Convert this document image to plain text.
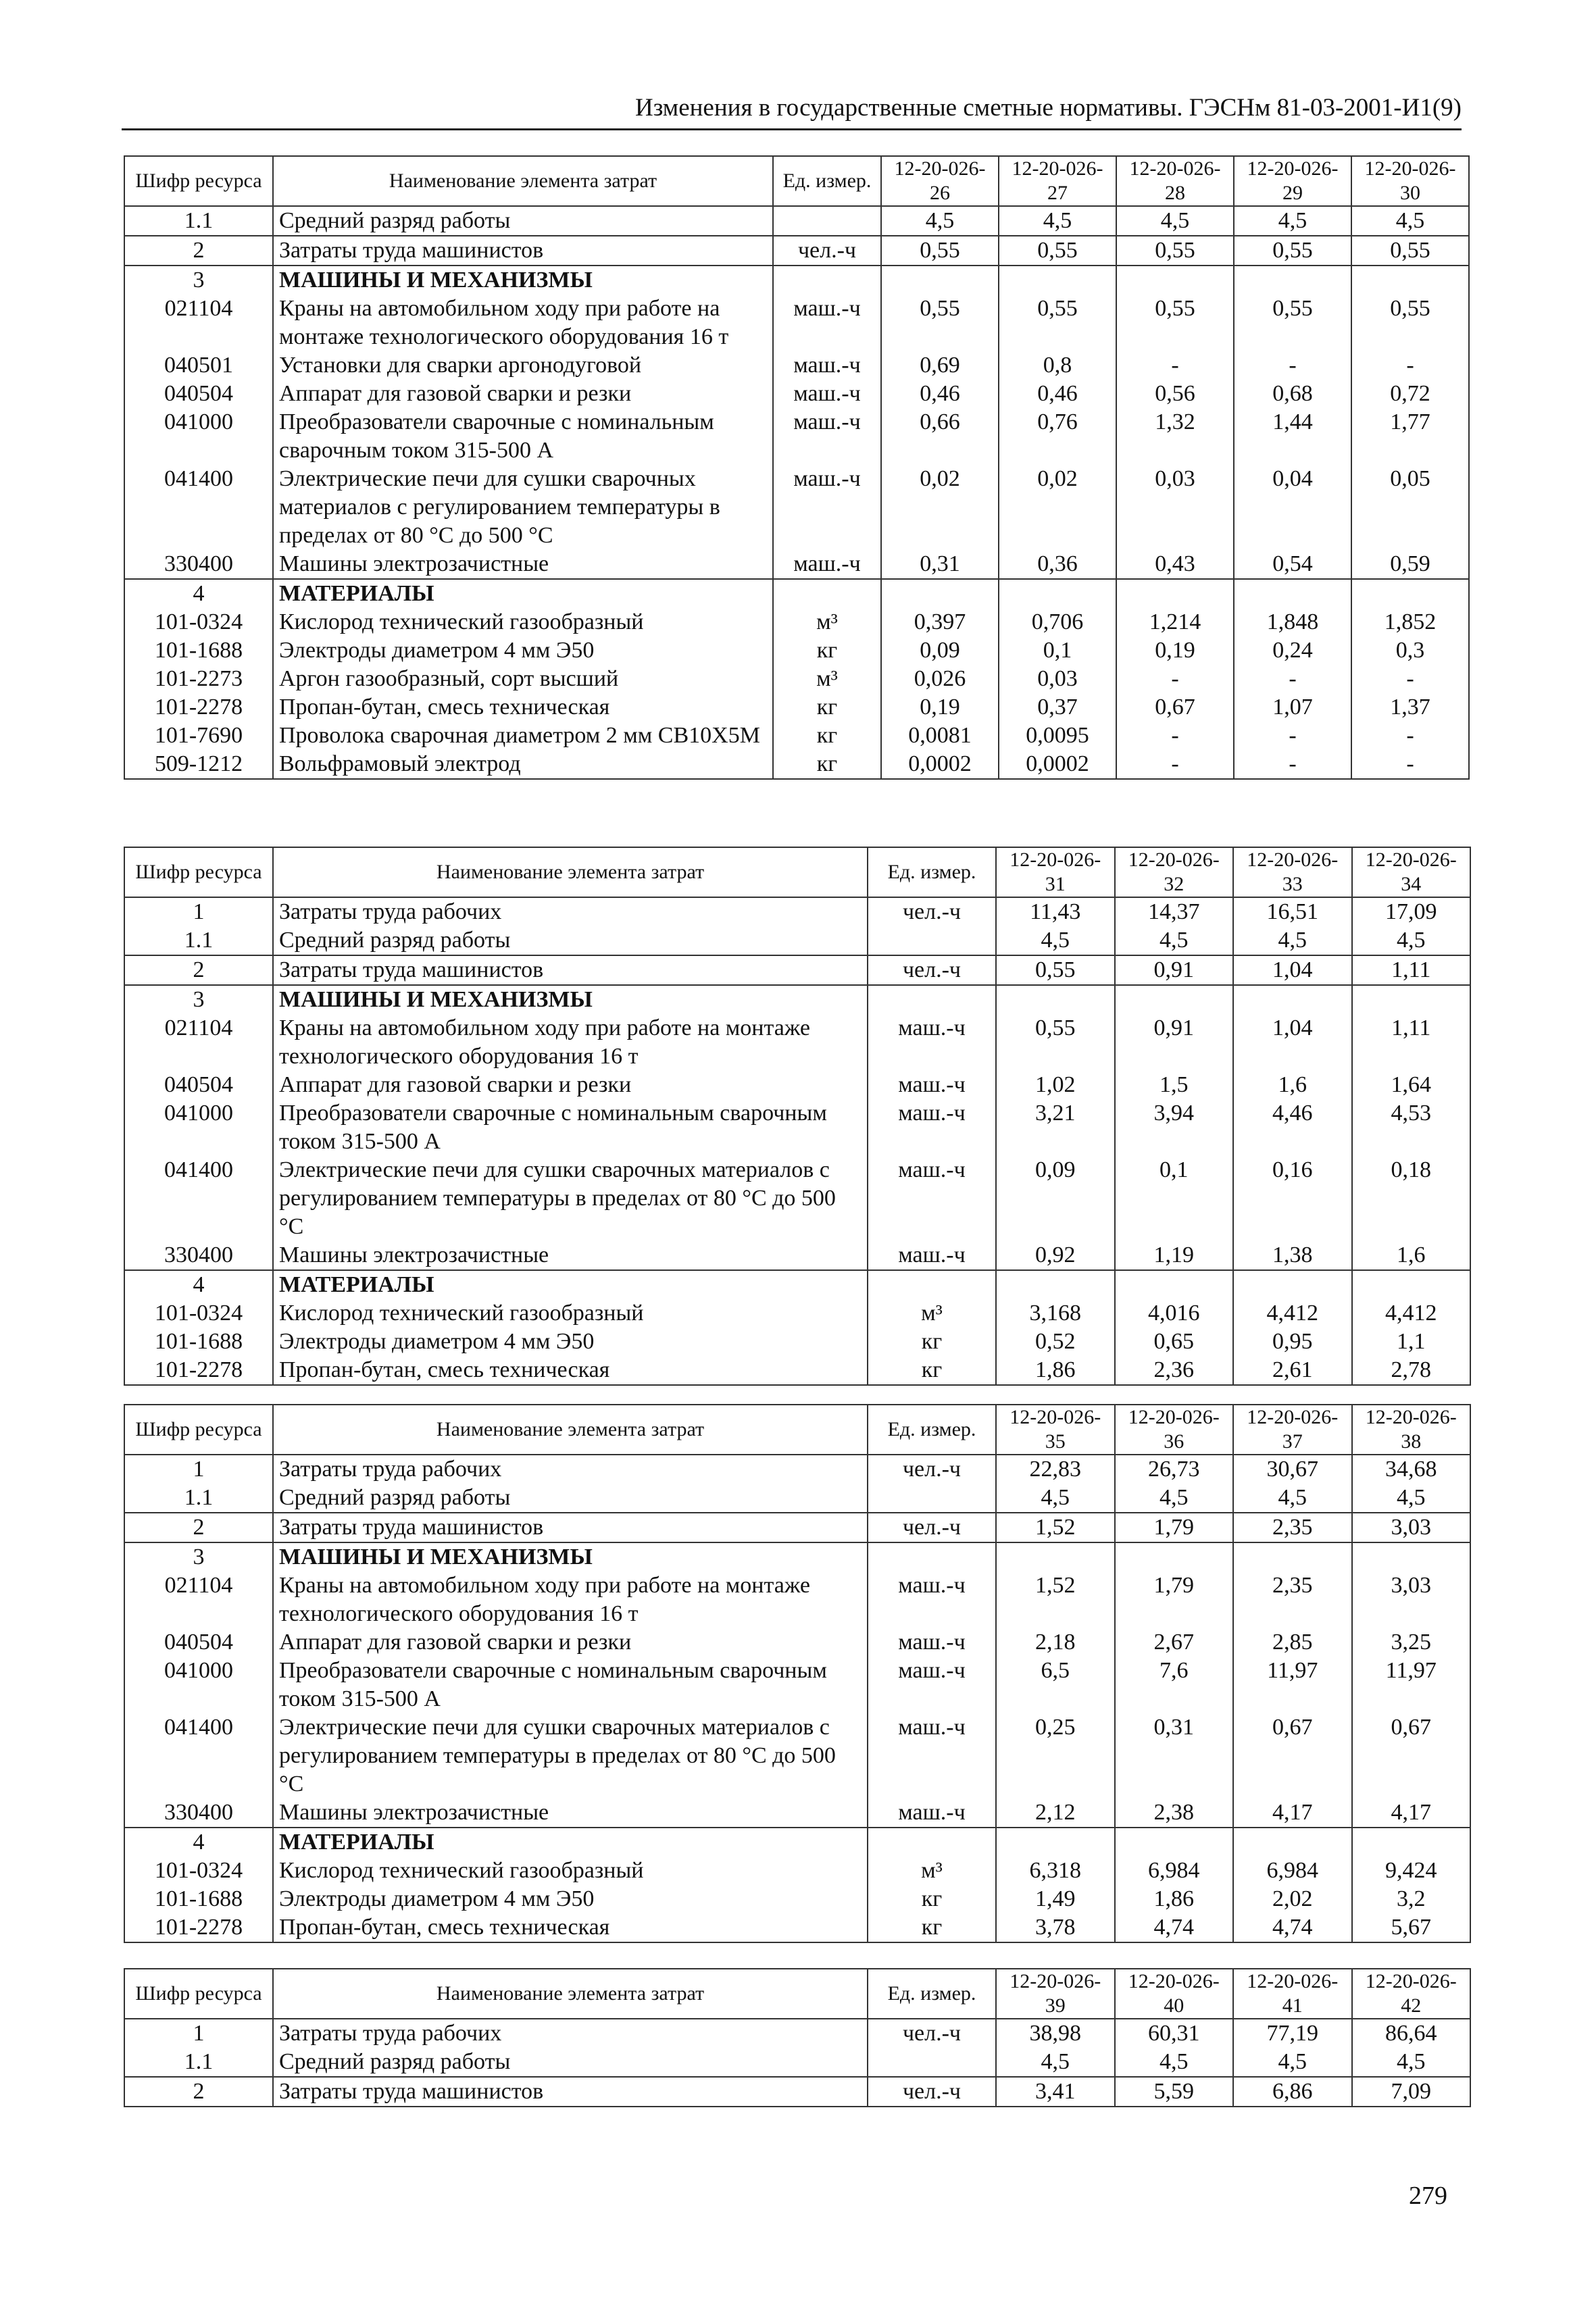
Изменения в государственные сметные нормативы. ГЭСНм 81-03-2001-И1(9)
Шифр ресурса	Наименование элемента затрат	Ед. измер.	12-20-026-26	12-20-026-27	12-20-026-28	12-20-026-29	12-20-026-30
1.1	Средний разряд работы		4,5	4,5	4,5	4,5	4,5
2	Затраты труда машинистов	чел.-ч	0,55	0,55	0,55	0,55	0,55
3	МАШИНЫ И МЕХАНИЗМЫ						
021104	Краны на автомобильном ходу при работе на монтаже технологического оборудования 16 т	маш.-ч	0,55	0,55	0,55	0,55	0,55
040501	Установки для сварки аргонодуговой	маш.-ч	0,69	0,8	-	-	-
040504	Аппарат для газовой сварки и резки	маш.-ч	0,46	0,46	0,56	0,68	0,72
041000	Преобразователи сварочные с номинальным сварочным током 315-500 А	маш.-ч	0,66	0,76	1,32	1,44	1,77
041400	Электрические печи для сушки сварочных материалов с регулированием температуры в пределах от 80 °С до 500 °С	маш.-ч	0,02	0,02	0,03	0,04	0,05
330400	Машины электрозачистные	маш.-ч	0,31	0,36	0,43	0,54	0,59
4	МАТЕРИАЛЫ						
101-0324	Кислород технический газообразный	м³	0,397	0,706	1,214	1,848	1,852
101-1688	Электроды диаметром 4 мм Э50	кг	0,09	0,1	0,19	0,24	0,3
101-2273	Аргон газообразный, сорт высший	м³	0,026	0,03	-	-	-
101-2278	Пропан-бутан, смесь техническая	кг	0,19	0,37	0,67	1,07	1,37
101-7690	Проволока сварочная диаметром 2 мм СВ10Х5М	кг	0,0081	0,0095	-	-	-
509-1212	Вольфрамовый электрод	кг	0,0002	0,0002	-	-	-
Шифр ресурса	Наименование элемента затрат	Ед. измер.	12-20-026-31	12-20-026-32	12-20-026-33	12-20-026-34
1	Затраты труда рабочих	чел.-ч	11,43	14,37	16,51	17,09
1.1	Средний разряд работы		4,5	4,5	4,5	4,5
2	Затраты труда машинистов	чел.-ч	0,55	0,91	1,04	1,11
3	МАШИНЫ И МЕХАНИЗМЫ					
021104	Краны на автомобильном ходу при работе на монтаже технологического оборудования 16 т	маш.-ч	0,55	0,91	1,04	1,11
040504	Аппарат для газовой сварки и резки	маш.-ч	1,02	1,5	1,6	1,64
041000	Преобразователи сварочные с номинальным сварочным током 315-500 А	маш.-ч	3,21	3,94	4,46	4,53
041400	Электрические печи для сушки сварочных материалов с регулированием температуры в пределах от 80 °С до 500 °С	маш.-ч	0,09	0,1	0,16	0,18
330400	Машины электрозачистные	маш.-ч	0,92	1,19	1,38	1,6
4	МАТЕРИАЛЫ					
101-0324	Кислород технический газообразный	м³	3,168	4,016	4,412	4,412
101-1688	Электроды диаметром 4 мм Э50	кг	0,52	0,65	0,95	1,1
101-2278	Пропан-бутан, смесь техническая	кг	1,86	2,36	2,61	2,78
Шифр ресурса	Наименование элемента затрат	Ед. измер.	12-20-026-35	12-20-026-36	12-20-026-37	12-20-026-38
1	Затраты труда рабочих	чел.-ч	22,83	26,73	30,67	34,68
1.1	Средний разряд работы		4,5	4,5	4,5	4,5
2	Затраты труда машинистов	чел.-ч	1,52	1,79	2,35	3,03
3	МАШИНЫ И МЕХАНИЗМЫ					
021104	Краны на автомобильном ходу при работе на монтаже технологического оборудования 16 т	маш.-ч	1,52	1,79	2,35	3,03
040504	Аппарат для газовой сварки и резки	маш.-ч	2,18	2,67	2,85	3,25
041000	Преобразователи сварочные с номинальным сварочным током 315-500 А	маш.-ч	6,5	7,6	11,97	11,97
041400	Электрические печи для сушки сварочных материалов с регулированием температуры в пределах от 80 °С до 500 °С	маш.-ч	0,25	0,31	0,67	0,67
330400	Машины электрозачистные	маш.-ч	2,12	2,38	4,17	4,17
4	МАТЕРИАЛЫ					
101-0324	Кислород технический газообразный	м³	6,318	6,984	6,984	9,424
101-1688	Электроды диаметром 4 мм Э50	кг	1,49	1,86	2,02	3,2
101-2278	Пропан-бутан, смесь техническая	кг	3,78	4,74	4,74	5,67
Шифр ресурса	Наименование элемента затрат	Ед. измер.	12-20-026-39	12-20-026-40	12-20-026-41	12-20-026-42
1	Затраты труда рабочих	чел.-ч	38,98	60,31	77,19	86,64
1.1	Средний разряд работы		4,5	4,5	4,5	4,5
2	Затраты труда машинистов	чел.-ч	3,41	5,59	6,86	7,09
279
